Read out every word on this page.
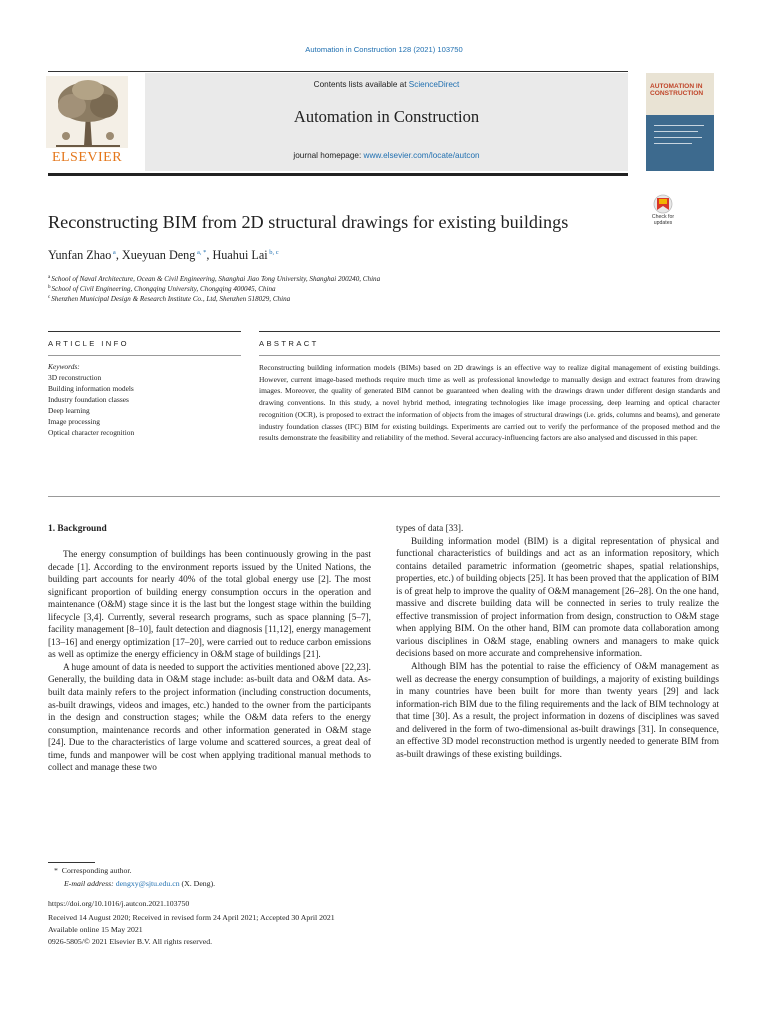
Automation in Construction 128 (2021) 103750
ELSEVIER
Contents lists available at ScienceDirect
Automation in Construction
journal homepage: www.elsevier.com/locate/autcon
AUTOMATION IN CONSTRUCTION
Reconstructing BIM from 2D structural drawings for existing buildings	Check for updates
Yunfan Zhao $^a$, Xueyuan Deng $^{a, *}$, Huahui Lai $^{b, c}$
$^a$School of Naval Architecture, Ocean & Civil Engineering, Shanghai Jiao Tong University, Shanghai 200240, China
$^b$School of Civil Engineering, Chongqing University, Chongqing 400045, China
$^c$Shenzhen Municipal Design & Research Institute Co., Ltd, Shenzhen 518029, China
ARTICLE INFO	ABSTRACT
Keywords:
3D reconstruction
Building information models
Industry foundation classes
Deep learning
Image processing
Optical character recognition
Reconstructing building information models (BIMs) based on 2D drawings is an effective way to realize digital management of existing buildings. However, current image-based methods require much time as well as professional knowledge to manually design and extract features from drawing images. Moreover, the quality of generated BIM cannot be guaranteed when dealing with the drawings drawn under different design standards and drawing conventions. In this study, a novel hybrid method, integrating technologies like image processing, deep learning and optical character recognition (OCR), is proposed to extract the information of objects from the images of structural drawings (i.e. grids, columns and beams), and generate industry foundation classes (IFC) BIM for existing buildings. Experiments are carried out to verify the performance of the proposed method and the results demonstrate the feasibility and reliability of the method. Several accuracy-influencing factors are also analysed and discussed in this paper.
1. Background

The energy consumption of buildings has been continuously growing in the past decade [1]. According to the environment reports issued by the United Nations, the building part accounts for nearly 40% of the total global energy use [2]. The most significant proportion of building energy consumption occurs in the operation and maintenance (O&M) stage since it is the last but the longest stage within the building lifecycle [3,4]. Currently, several research programs, such as space planning [5–7], facility management [8–10], fault detection and diagnosis [11,12], energy management [13–16] and energy optimization [17–20], were carried out to reduce carbon emissions as well as optimize the energy efficiency in O&M stage of buildings [21].

A huge amount of data is needed to support the activities mentioned above [22,23]. Generally, the building data in O&M stage include: as-built data and O&M data. As-built data mainly refers to the project information (including construction documents, as-built drawings, videos and images, etc.) handed to the owner from the participants in the design and construction stages; while the O&M data refers to the energy consumption, maintenance records and other information generated in O&M stage [24]. Due to the characteristics of large volume and scattered sources, a great deal of time, funds and manpower will be cost when applying traditional manual methods to collect and manage these two

types of data [33].

Building information model (BIM) is a digital representation of physical and functional characteristics of buildings and act as an information repository, which contains detailed parametric information (geometric shapes, spatial relationships, properties, etc.) of building objects [25]. It has been proved that the application of BIM is of great help to improve the quality of O&M management [26–28]. On the one hand, massive and discrete building data will be connected in series to truly realize the effective transmission of project information from design, construction to O&M stage when applying BIM. On the other hand, BIM can promote data collaboration among various disciplines in O&M stage, enabling owners and managers to make quick decisions based on more accurate and comprehensive information.

Although BIM has the potential to raise the efficiency of O&M management as well as decrease the energy consumption of buildings, a majority of existing buildings in many countries have been built for more than twenty years [29] and lack information-rich BIM due to the filing requirements and the lack of BIM technology at that time [30]. As a result, the project information in dozens of disciplines was saved and delivered in the form of two-dimensional as-built drawings [31]. In consequence, an effective 3D model reconstruction method is urgently needed to generate BIM from as-built drawings of these existing buildings.

*  Corresponding author.
E-mail address: dengxy@sjtu.edu.cn (X. Deng).
https://doi.org/10.1016/j.autcon.2021.103750
Received 14 August 2020; Received in revised form 24 April 2021; Accepted 30 April 2021
Available online 15 May 2021
0926-5805/© 2021 Elsevier B.V. All rights reserved.
